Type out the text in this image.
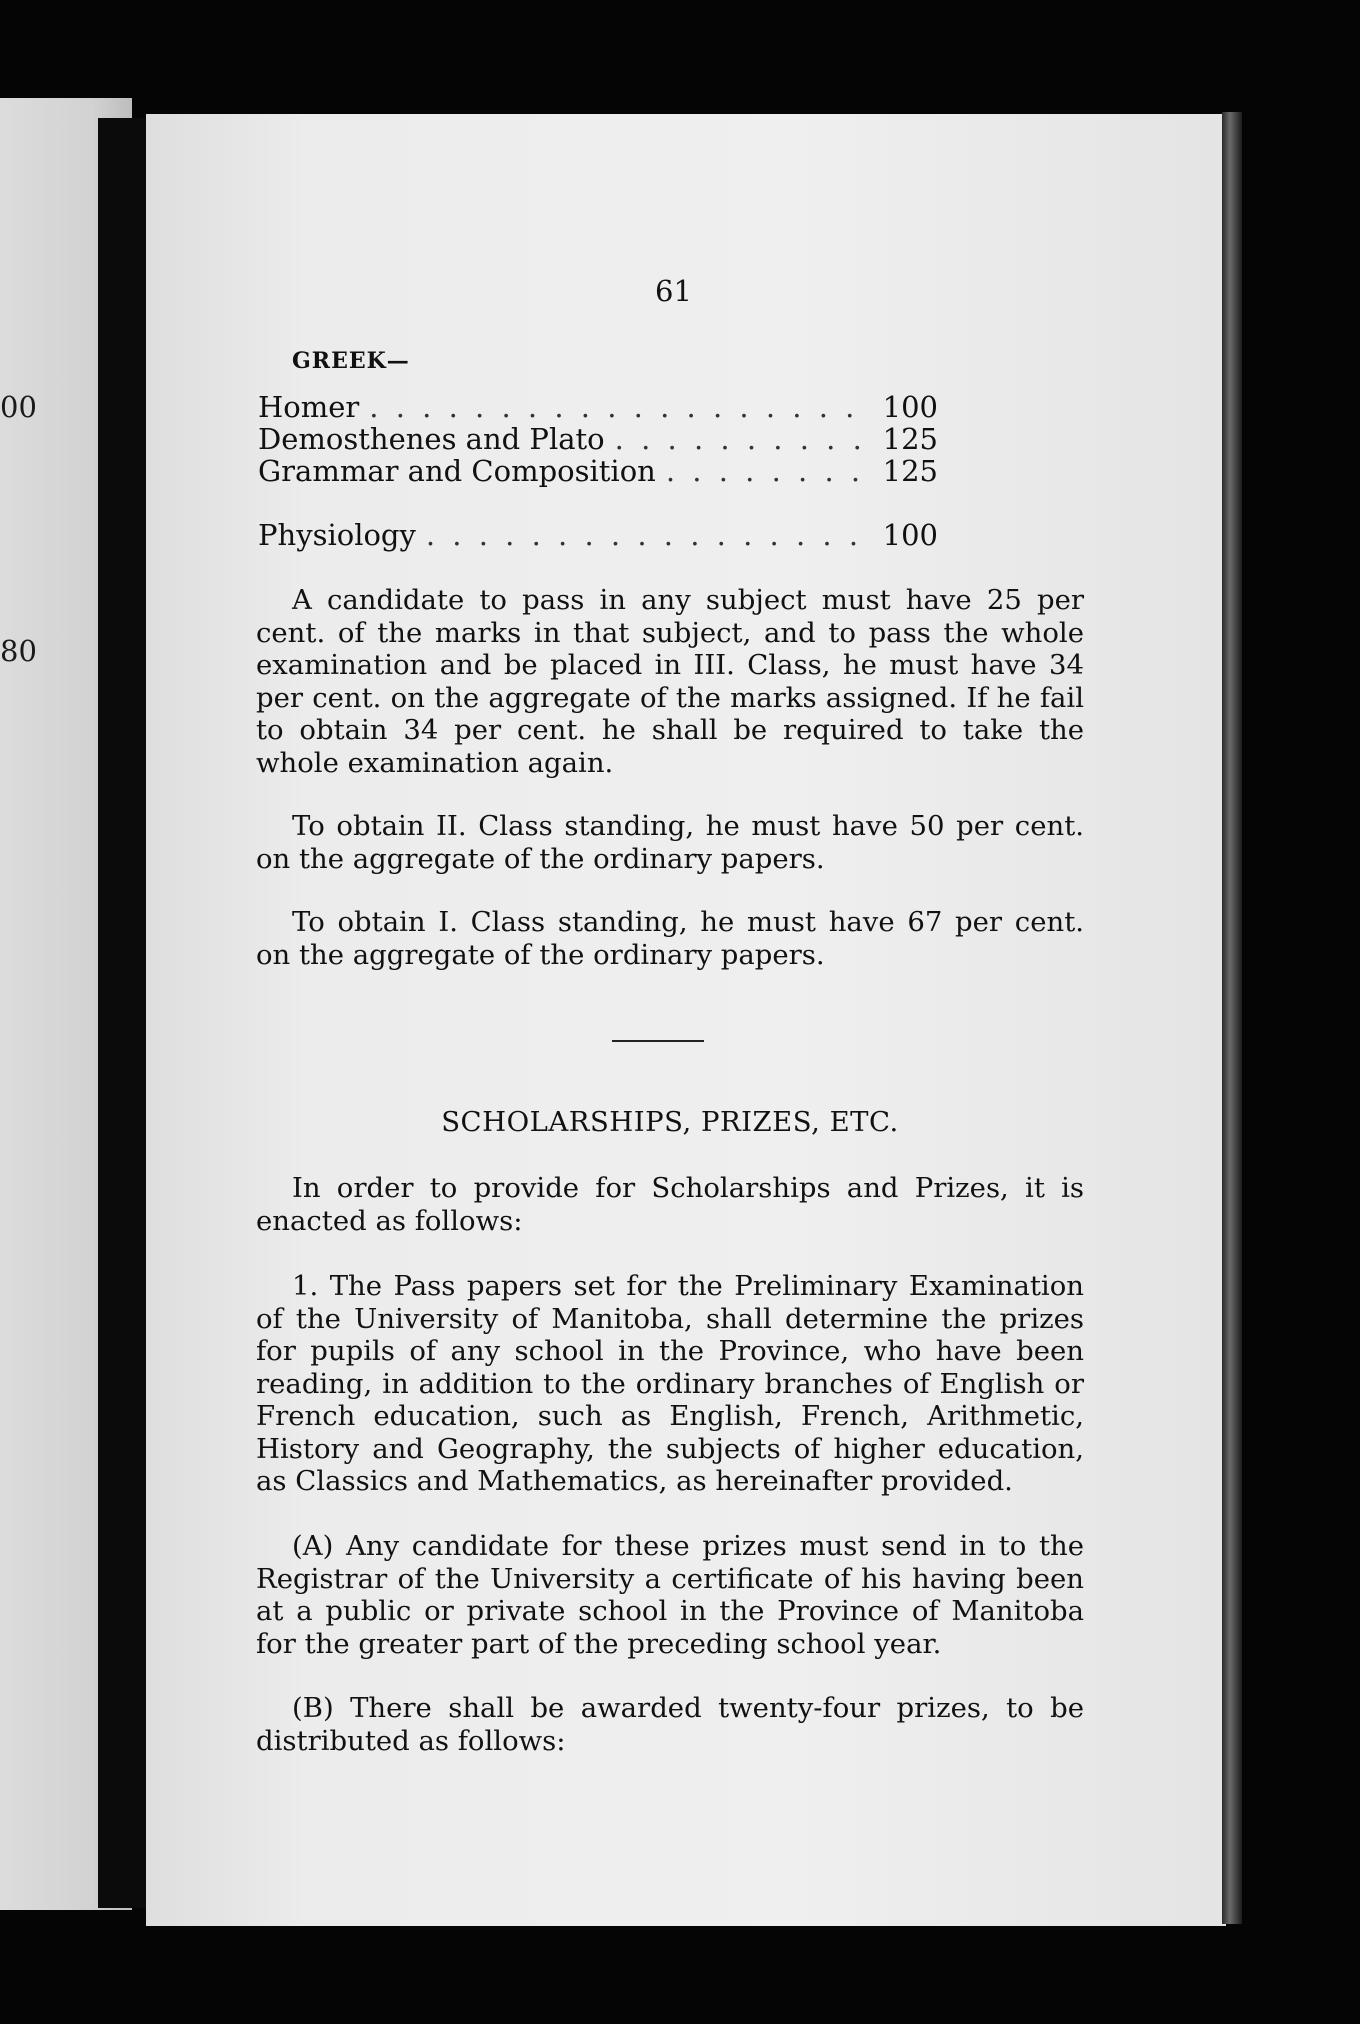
00
80
61
GREEK—
Homer . . .	100
Demosthenes and Plato . . .	125
Grammar and Composition . . .	125
Physiology . . .	100
A candidate to pass in any subject must have 25 per cent. of the marks in that subject, and to pass the whole examination and be placed in III. Class, he must have 34 per cent. on the aggregate of the marks assigned. If he fail to obtain 34 per cent. he shall be required to take the whole examination again.
To obtain II. Class standing, he must have 50 per cent. on the aggregate of the ordinary papers.
To obtain I. Class standing, he must have 67 per cent. on the aggregate of the ordinary papers.
SCHOLARSHIPS, PRIZES, ETC.
In order to provide for Scholarships and Prizes, it is enacted as follows:
1. The Pass papers set for the Preliminary Examination of the University of Manitoba, shall determine the prizes for pupils of any school in the Province, who have been reading, in addition to the ordinary branches of English or French education, such as English, French, Arithmetic, History and Geography, the subjects of higher education, as Classics and Mathematics, as hereinafter provided.
(A) Any candidate for these prizes must send in to the Registrar of the University a certificate of his having been at a public or private school in the Province of Manitoba for the greater part of the preceding school year.
(B) There shall be awarded twenty-four prizes, to be distributed as follows:
